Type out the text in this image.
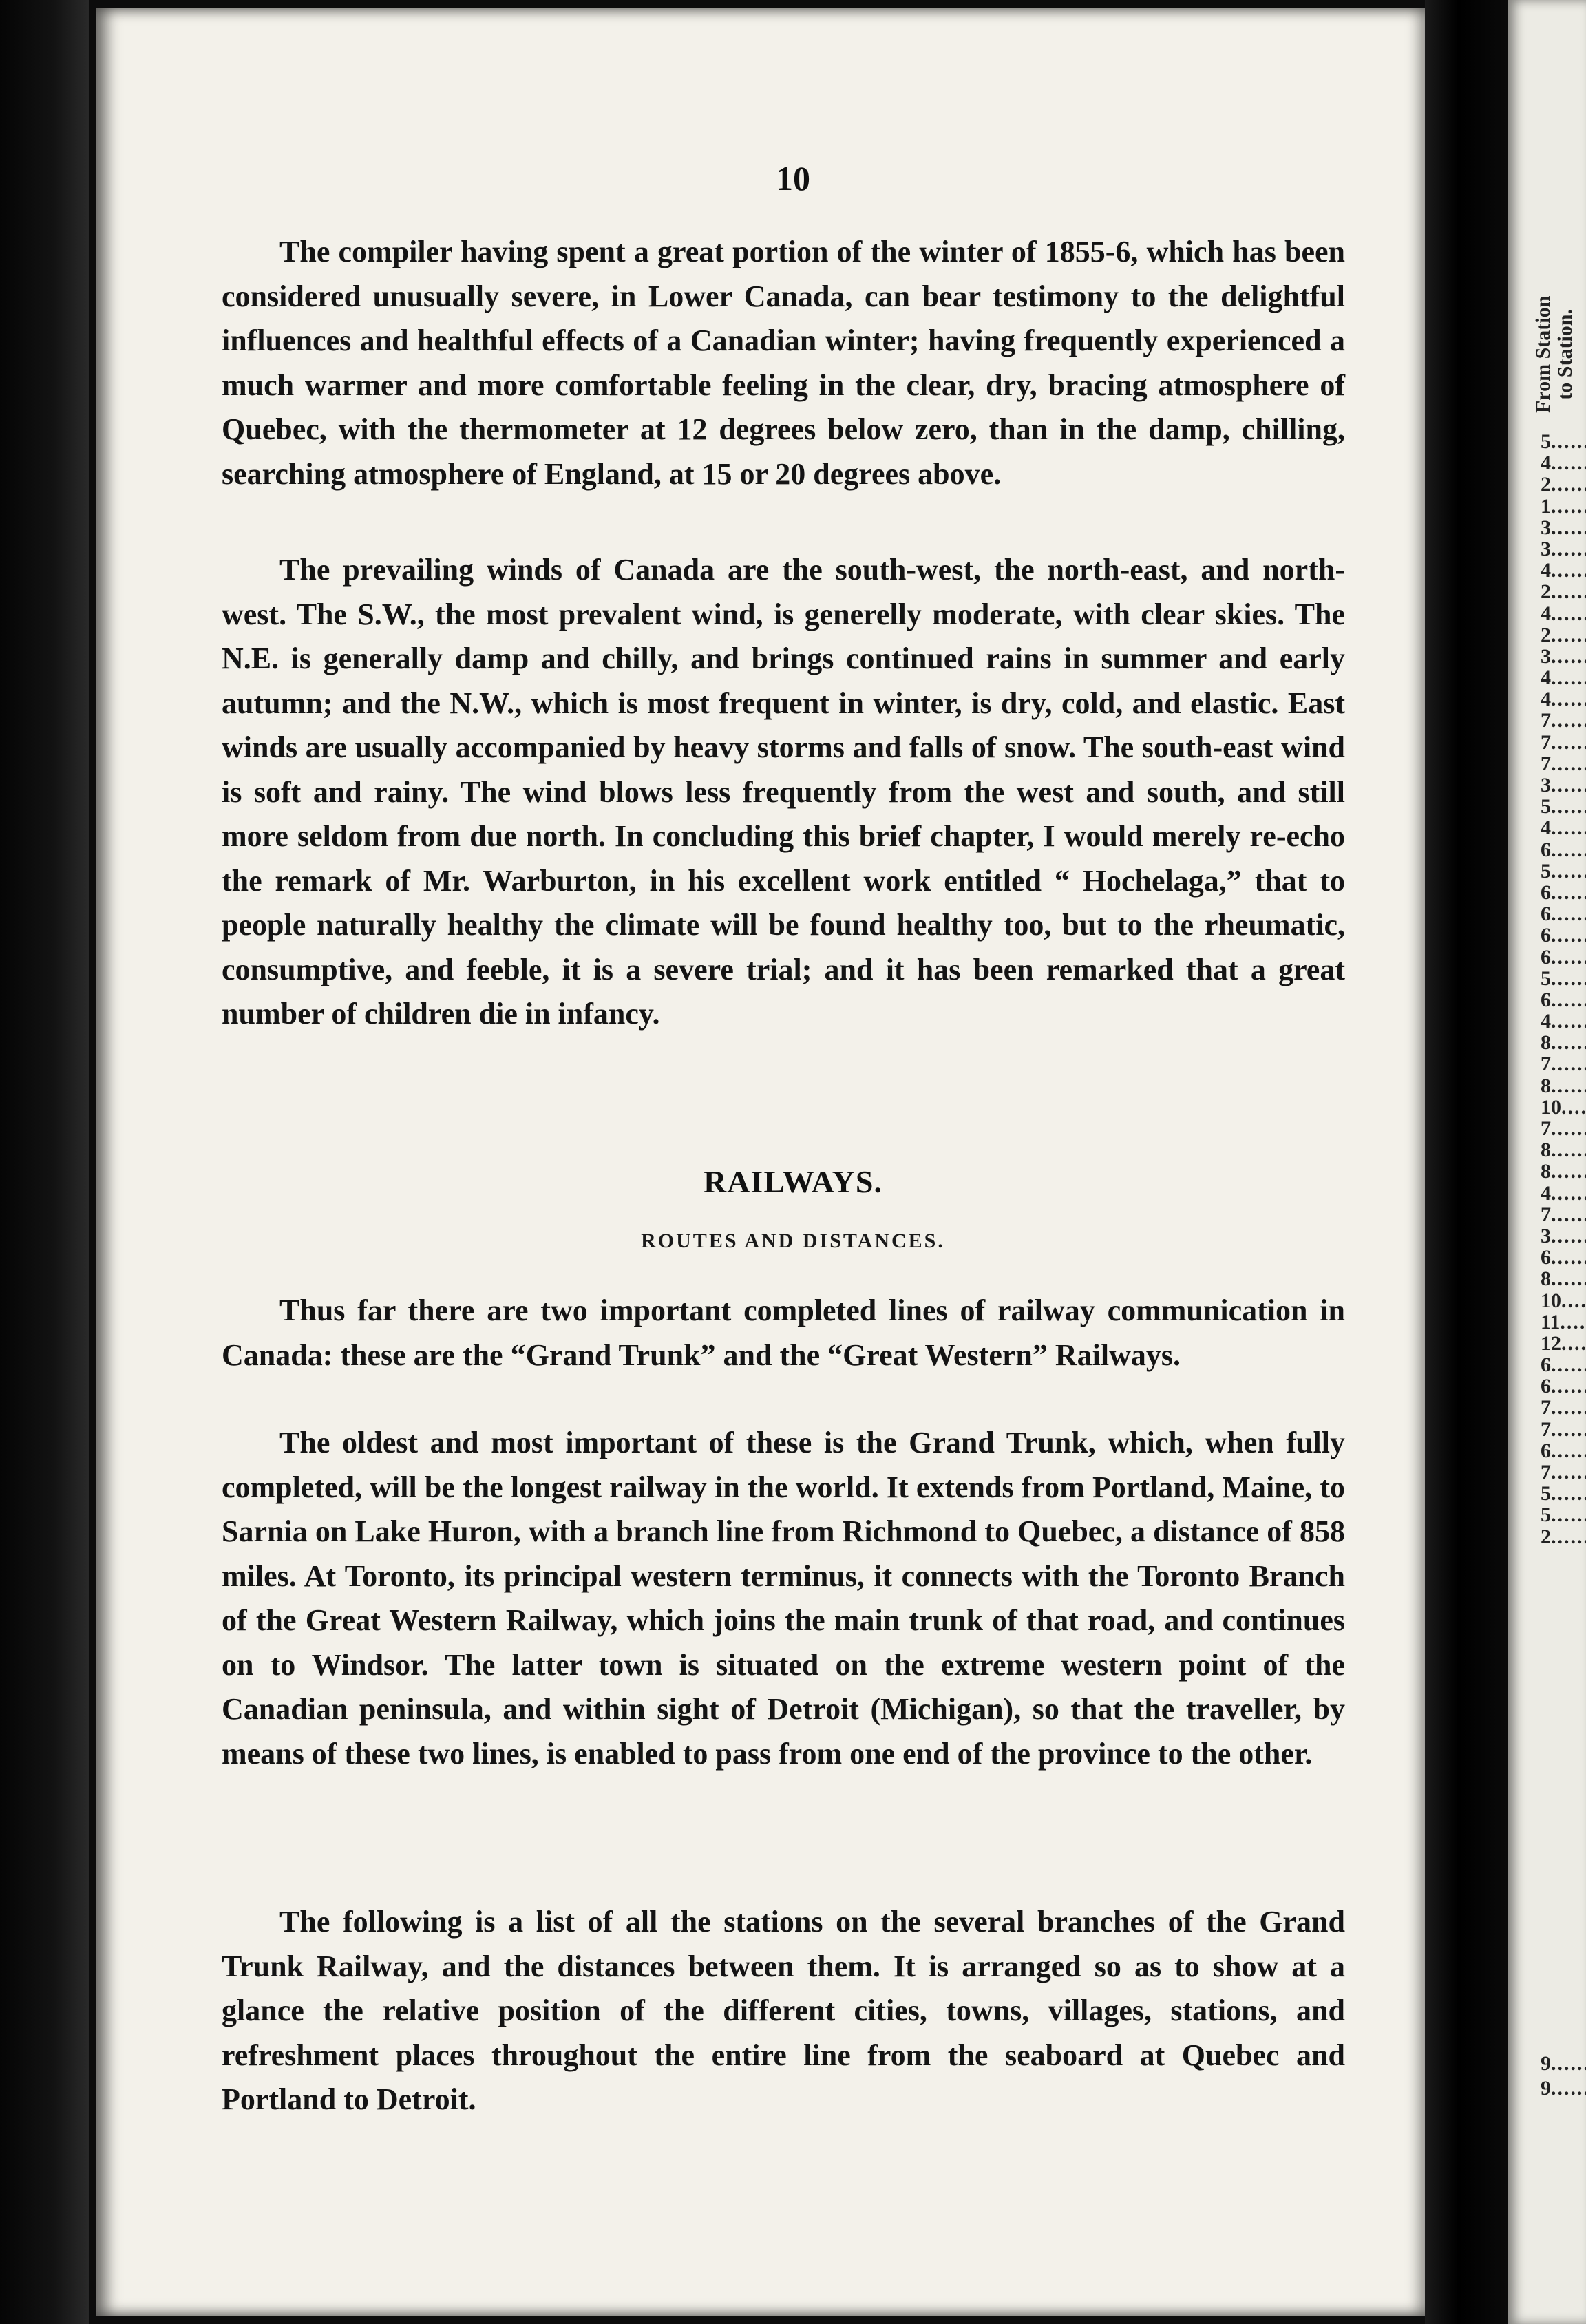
10

The compiler having spent a great portion of the winter of 1855-6, which has been considered unusually severe, in Lower Canada, can bear testimony to the delightful influences and healthful effects of a Canadian winter; having frequently experienced a much warmer and more comfortable feeling in the clear, dry, bracing atmosphere of Quebec, with the thermometer at 12 degrees below zero, than in the damp, chilling, searching atmosphere of England, at 15 or 20 degrees above.

The prevailing winds of Canada are the south-west, the north-east, and north-west. The S.W., the most prevalent wind, is generelly moderate, with clear skies. The N.E. is generally damp and chilly, and brings continued rains in summer and early autumn; and the N.W., which is most frequent in winter, is dry, cold, and elastic. East winds are usually accompanied by heavy storms and falls of snow. The south-east wind is soft and rainy. The wind blows less frequently from the west and south, and still more seldom from due north. In concluding this brief chapter, I would merely re-echo the remark of Mr. Warburton, in his excellent work entitled “ Hochelaga,” that to people naturally healthy the climate will be found healthy too, but to the rheumatic, consumptive, and feeble, it is a severe trial; and it has been remarked that a great number of children die in infancy.

RAILWAYS.
ROUTES AND DISTANCES.

Thus far there are two important completed lines of railway communication in Canada: these are the “Grand Trunk” and the “Great Western” Railways.

The oldest and most important of these is the Grand Trunk, which, when fully completed, will be the longest railway in the world. It extends from Portland, Maine, to Sarnia on Lake Huron, with a branch line from Richmond to Quebec, a distance of 858 miles. At Toronto, its principal western terminus, it connects with the Toronto Branch of the Great Western Railway, which joins the main trunk of that road, and continues on to Windsor. The latter town is situated on the extreme western point of the Canadian peninsula, and within sight of Detroit (Michigan), so that the traveller, by means of these two lines, is enabled to pass from one end of the province to the other.

The following is a list of all the stations on the several branches of the Grand Trunk Railway, and the distances between them. It is arranged so as to show at a glance the relative position of the different cities, towns, villages, stations, and refreshment places throughout the entire line from the seaboard at Quebec and Portland to Detroit.

From Station to Station.
5 ......
4 ......
2 ......
1 ......
3 ......
3 ......
4 ......
2 ......
4 ......
2 ......
3 ......
4 ......
4 ......
7 ......
7 ......
7 ......
3 ......
5 ......
4 ......
6 ......
5 ......
6 ......
6 ......
6 ......
6 ......
5 ......
6 ......
4 ......
8 ......
7 ......
8 ......
10 ......
7 ......
8 ......
8 ......
4 ......
7 ......
3 ......
6 ......
8 ......
10 ......
11 ......
12 ......
6 ......
6 ......
7 ......
7 ......
6 ......
7 ......
5 ......
5 ......
2 ......
9 ......
9 ......
